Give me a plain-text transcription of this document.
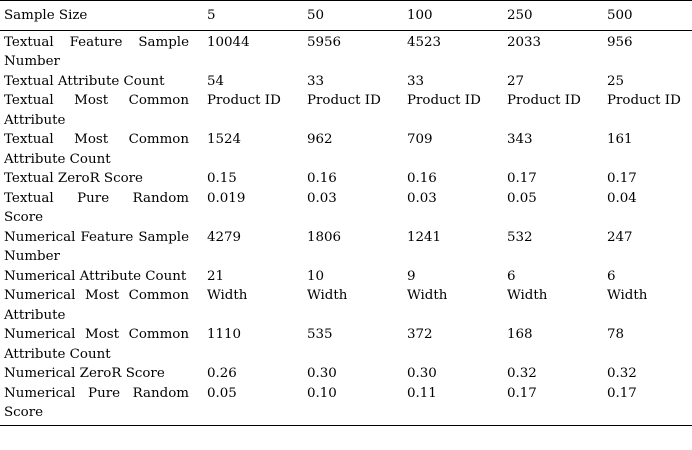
Sample Size	5	50	100	250	500
Textual Feature Sample Number	10044	5956	4523	2033	956
Textual Attribute Count	54	33	33	27	25
Textual Most Common Attribute	Product ID	Product ID	Product ID	Product ID	Product ID
Textual Most Common Attribute Count	1524	962	709	343	161
Textual ZeroR Score	0.15	0.16	0.16	0.17	0.17
Textual Pure Random Score	0.019	0.03	0.03	0.05	0.04
Numerical Feature Sample Number	4279	1806	1241	532	247
Numerical Attribute Count	21	10	9	6	6
Numerical Most Common Attribute	Width	Width	Width	Width	Width
Numerical Most Common Attribute Count	1110	535	372	168	78
Numerical ZeroR Score	0.26	0.30	0.30	0.32	0.32
Numerical Pure Random Score	0.05	0.10	0.11	0.17	0.17
